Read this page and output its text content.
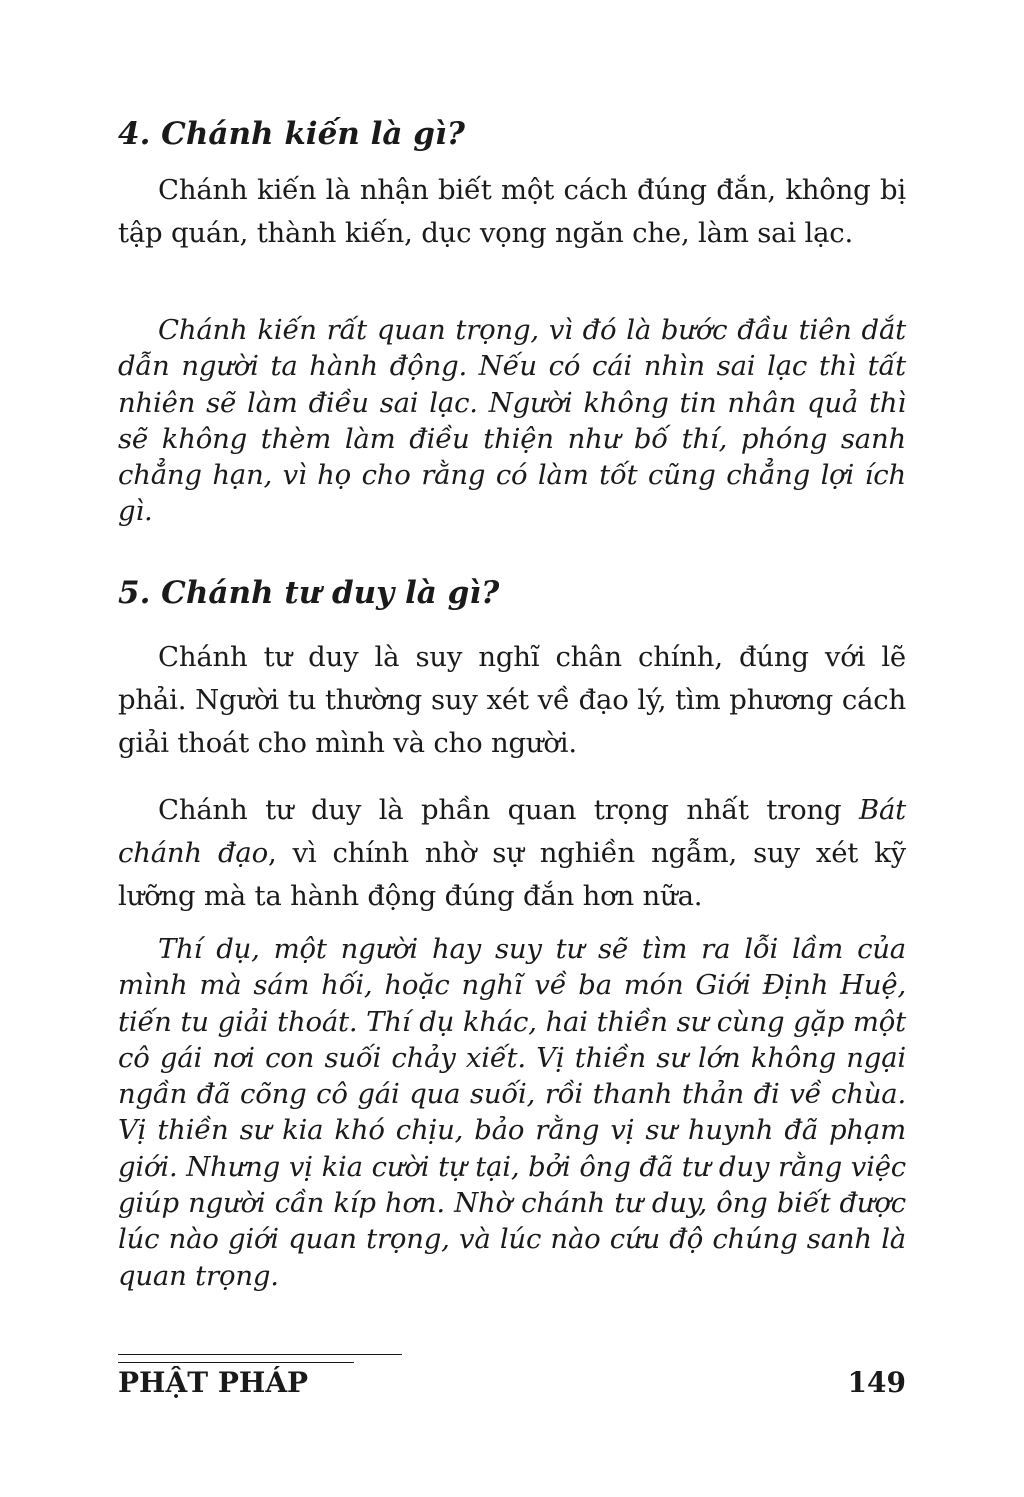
4. Chánh kiến là gì?

Chánh kiến là nhận biết một cách đúng đắn, không bị tập quán, thành kiến, dục vọng ngăn che, làm sai lạc.

Chánh kiến rất quan trọng, vì đó là bước đầu tiên dắt dẫn người ta hành động. Nếu có cái nhìn sai lạc thì tất nhiên sẽ làm điều sai lạc. Người không tin nhân quả thì sẽ không thèm làm điều thiện như bố thí, phóng sanh chẳng hạn, vì họ cho rằng có làm tốt cũng chẳng lợi ích gì.

5. Chánh tư duy là gì?

Chánh tư duy là suy nghĩ chân chính, đúng với lẽ phải. Người tu thường suy xét về đạo lý, tìm phương cách giải thoát cho mình và cho người.

Chánh tư duy là phần quan trọng nhất trong Bát chánh đạo, vì chính nhờ sự nghiền ngẫm, suy xét kỹ lưỡng mà ta hành động đúng đắn hơn nữa.

Thí dụ, một người hay suy tư sẽ tìm ra lỗi lầm của mình mà sám hối, hoặc nghĩ về ba món Giới Định Huệ, tiến tu giải thoát. Thí dụ khác, hai thiền sư cùng gặp một cô gái nơi con suối chảy xiết. Vị thiền sư lớn không ngại ngần đã cõng cô gái qua suối, rồi thanh thản đi về chùa. Vị thiền sư kia khó chịu, bảo rằng vị sư huynh đã phạm giới. Nhưng vị kia cười tự tại, bởi ông đã tư duy rằng việc giúp người cần kíp hơn. Nhờ chánh tư duy, ông biết được lúc nào giới quan trọng, và lúc nào cứu độ chúng sanh là quan trọng.

PHẬT PHÁP	149
